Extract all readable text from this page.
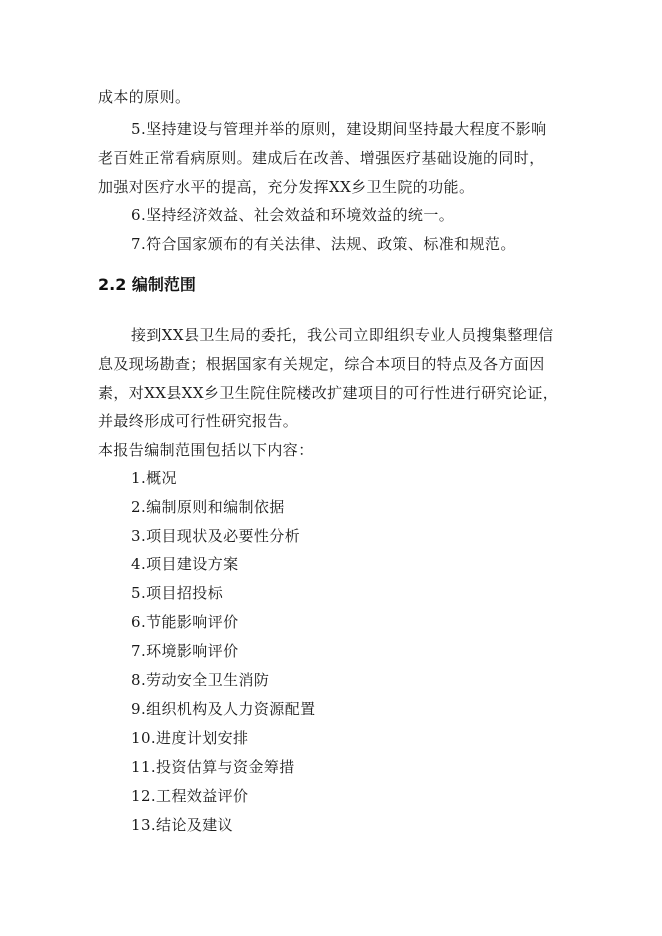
成本的原则。
5.坚持建设与管理并举的原则，建设期间坚持最大程度不影响
老百姓正常看病原则。建成后在改善、增强医疗基础设施的同时，
加强对医疗水平的提高，充分发挥XX乡卫生院的功能。
6.坚持经济效益、社会效益和环境效益的统一。
7.符合国家颁布的有关法律、法规、政策、标准和规范。
2.2 编制范围
接到XX县卫生局的委托，我公司立即组织专业人员搜集整理信
息及现场勘查；根据国家有关规定，综合本项目的特点及各方面因
素，对XX县XX乡卫生院住院楼改扩建项目的可行性进行研究论证，
并最终形成可行性研究报告。
本报告编制范围包括以下内容：
1.概况
2.编制原则和编制依据
3.项目现状及必要性分析
4.项目建设方案
5.项目招投标
6.节能影响评价
7.环境影响评价
8.劳动安全卫生消防
9.组织机构及人力资源配置
10.进度计划安排
11.投资估算与资金筹措
12.工程效益评价
13.结论及建议
